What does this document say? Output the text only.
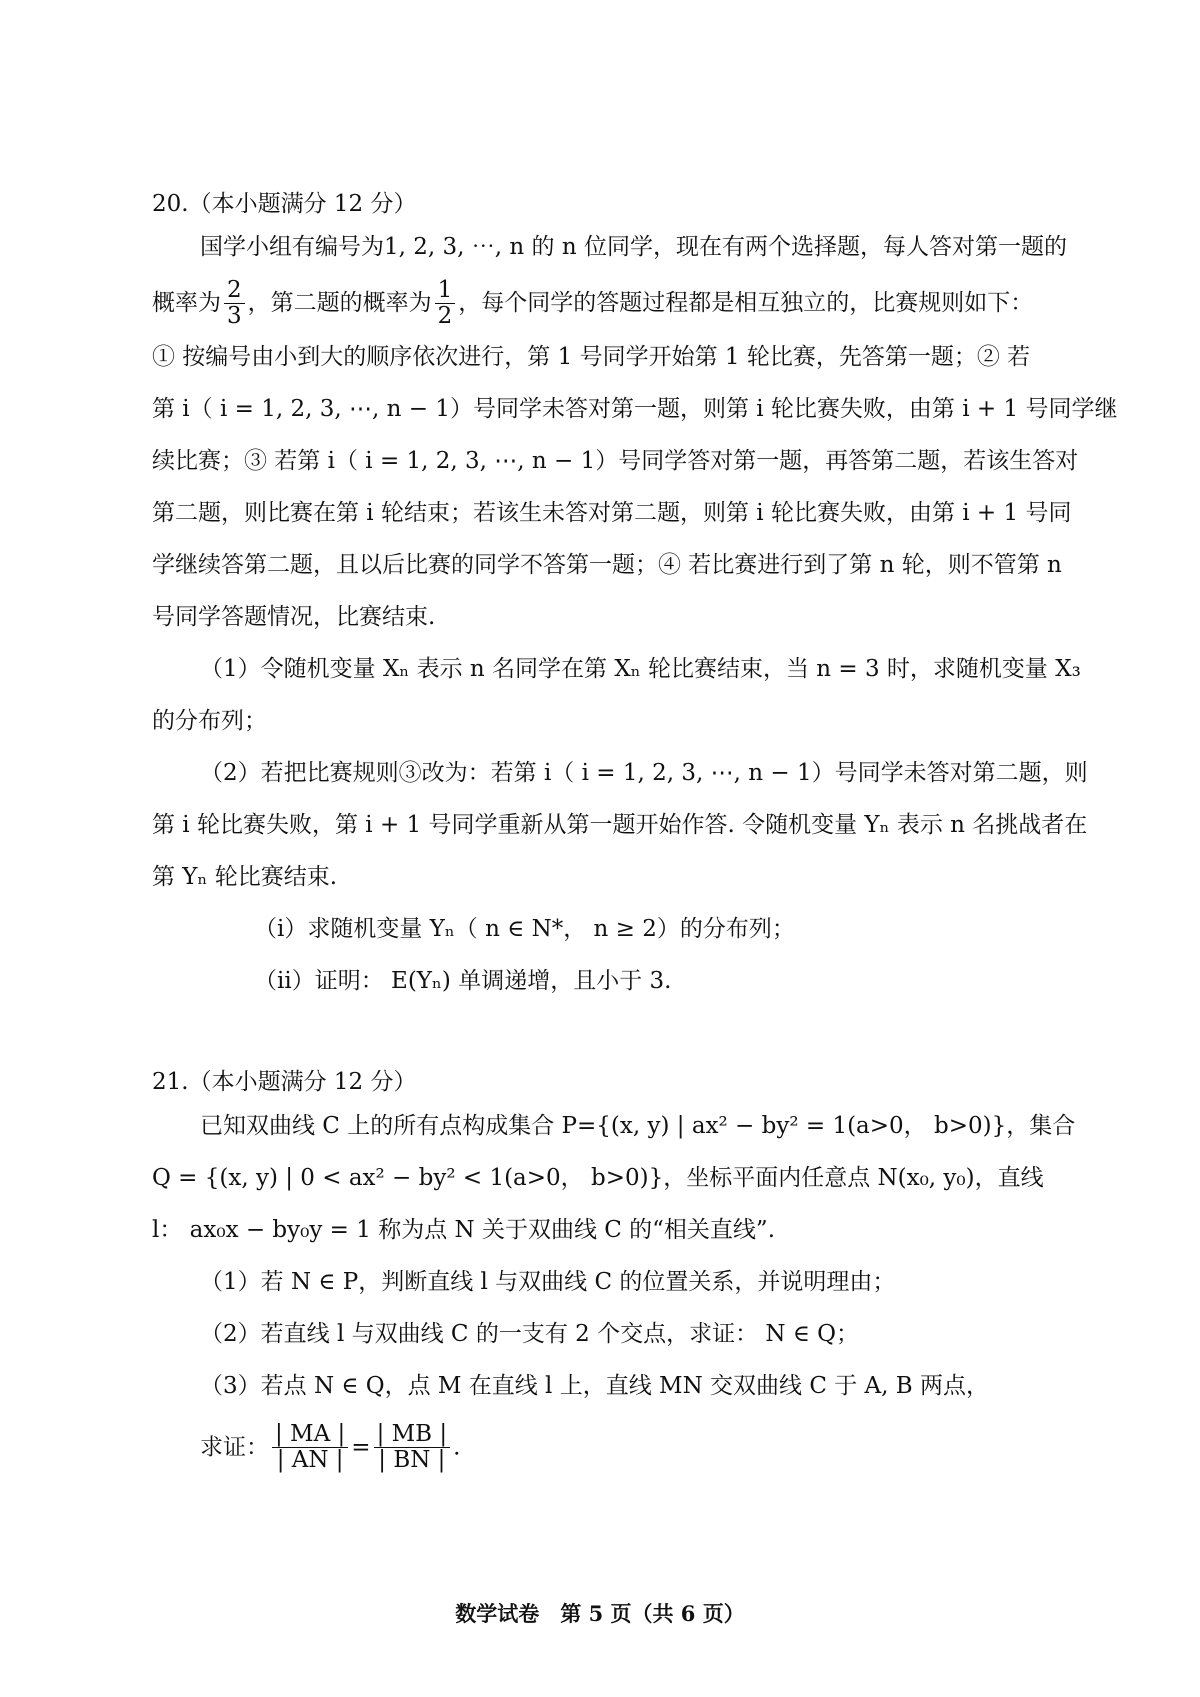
20.（本小题满分 12 分）
国学小组有编号为1, 2, 3, ⋯, n 的 n 位同学，现在有两个选择题，每人答对第一题的
概率为 $\frac{2}{3}$ ，第二题的概率为 $\frac{1}{2}$ ，每个同学的答题过程都是相互独立的，比赛规则如下：
① 按编号由小到大的顺序依次进行，第 1 号同学开始第 1 轮比赛，先答第一题；② 若
第 i（ i = 1, 2, 3, ⋯, n − 1）号同学未答对第一题，则第 i 轮比赛失败，由第 i + 1 号同学继
续比赛；③ 若第 i（ i = 1, 2, 3, ⋯, n − 1）号同学答对第一题，再答第二题，若该生答对
第二题，则比赛在第 i 轮结束；若该生未答对第二题，则第 i 轮比赛失败，由第 i + 1 号同
学继续答第二题，且以后比赛的同学不答第一题；④ 若比赛进行到了第 n 轮，则不管第 n
号同学答题情况，比赛结束.
（1）令随机变量 Xₙ 表示 n 名同学在第 Xₙ 轮比赛结束，当 n = 3 时，求随机变量 X₃
的分布列；
（2）若把比赛规则③改为：若第 i（ i = 1, 2, 3, ⋯, n − 1）号同学未答对第二题，则
第 i 轮比赛失败，第 i + 1 号同学重新从第一题开始作答. 令随机变量 Yₙ 表示 n 名挑战者在
第 Yₙ 轮比赛结束.
（i）求随机变量 Yₙ（ n ∈ N*， n ≥ 2）的分布列；
（ii）证明： E(Yₙ) 单调递增，且小于 3.
21.（本小题满分 12 分）
已知双曲线 C 上的所有点构成集合 P={(x, y) | ax² − by² = 1(a>0， b>0)}，集合
Q = {(x, y) | 0 < ax² − by² < 1(a>0， b>0)}，坐标平面内任意点 N(x₀, y₀)，直线
l： ax₀x − by₀y = 1 称为点 N 关于双曲线 C 的“相关直线”.
（1）若 N ∈ P，判断直线 l 与双曲线 C 的位置关系，并说明理由；
（2）若直线 l 与双曲线 C 的一支有 2 个交点，求证： N ∈ Q；
（3）若点 N ∈ Q，点 M 在直线 l 上，直线 MN 交双曲线 C 于 A, B 两点，
求证： $\frac{| MA |}{| AN |} = \frac{| MB |}{| BN |}$ .
数学试卷　第 5 页（共 6 页）
